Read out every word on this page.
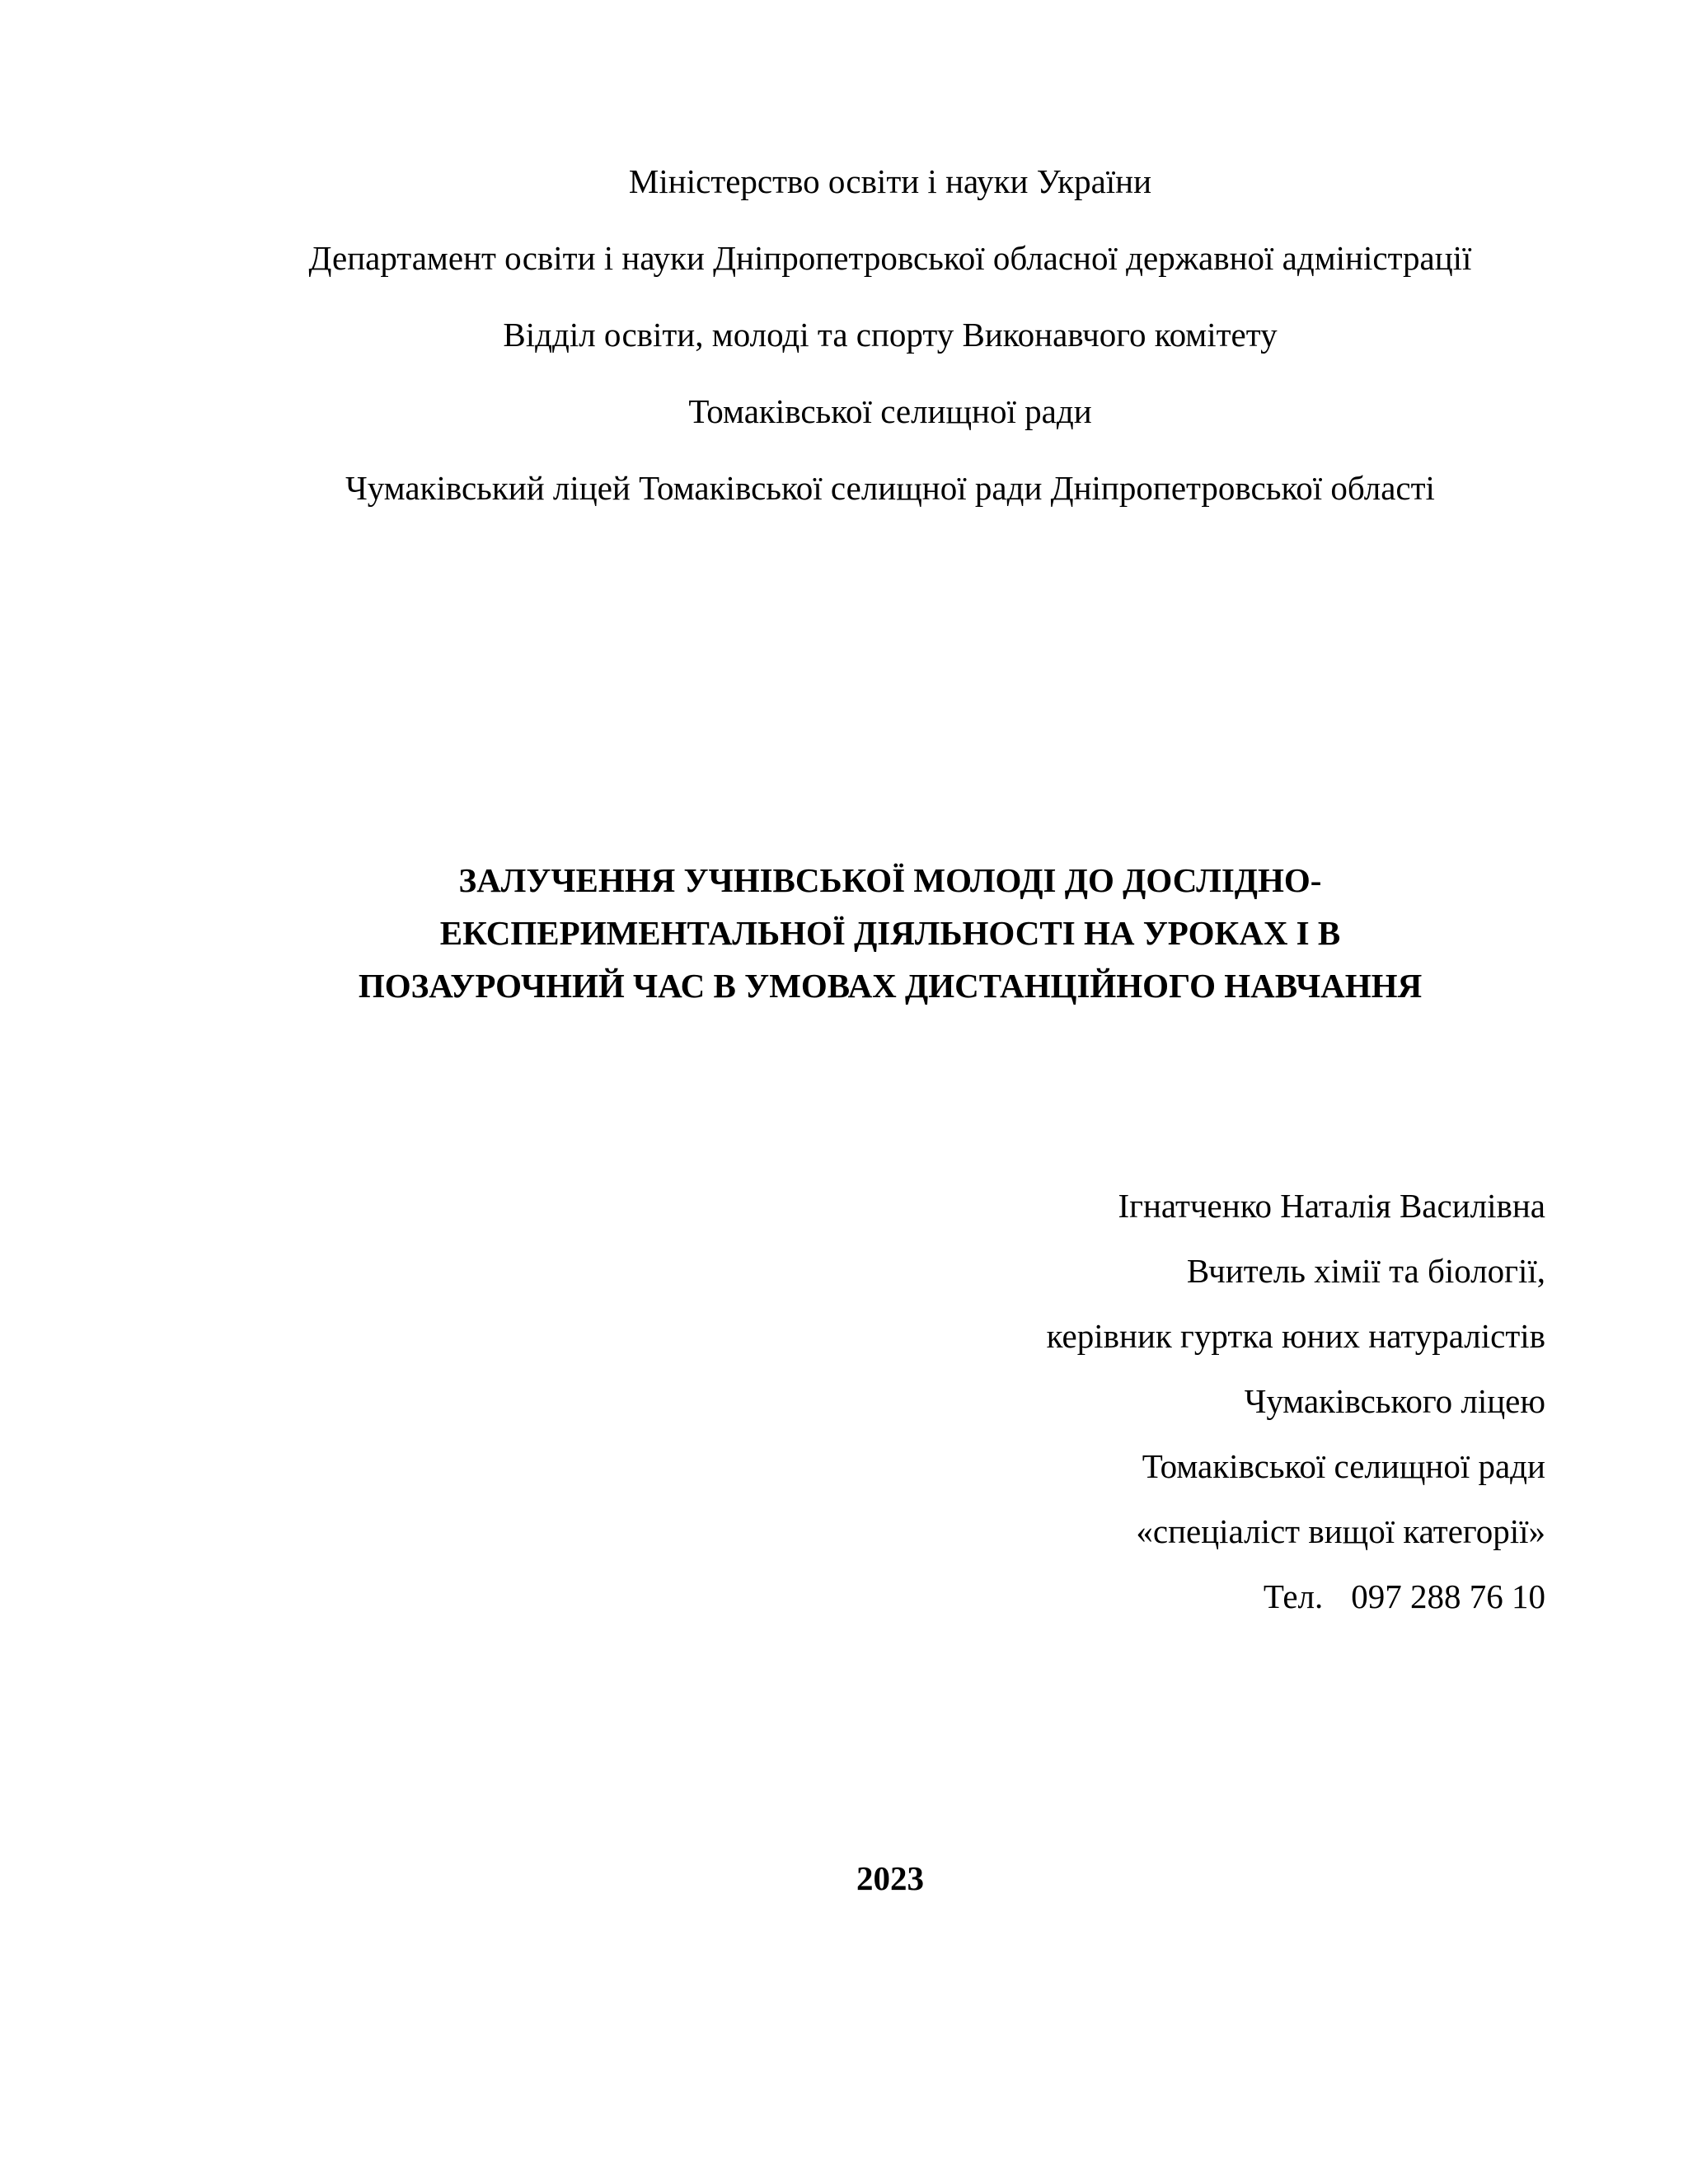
Міністерство освіти і науки України
Департамент освіти і науки Дніпропетровської обласної державної адміністрації
Відділ освіти, молоді та спорту Виконавчого комітету
Томаківської селищної ради
Чумаківський ліцей Томаківської селищної ради Дніпропетровської області
ЗАЛУЧЕННЯ УЧНІВСЬКОЇ МОЛОДІ ДО ДОСЛІДНО-
ЕКСПЕРИМЕНТАЛЬНОЇ ДІЯЛЬНОСТІ НА УРОКАХ І В
ПОЗАУРОЧНИЙ ЧАС В УМОВАХ ДИСТАНЦІЙНОГО НАВЧАННЯ
Ігнатченко Наталія Василівна
Вчитель хімії та біології,
керівник гуртка юних натуралістів
Чумаківського ліцею
Томаківської селищної ради
«спеціаліст вищої категорії»
Тел. 097 288 76 10
2023
